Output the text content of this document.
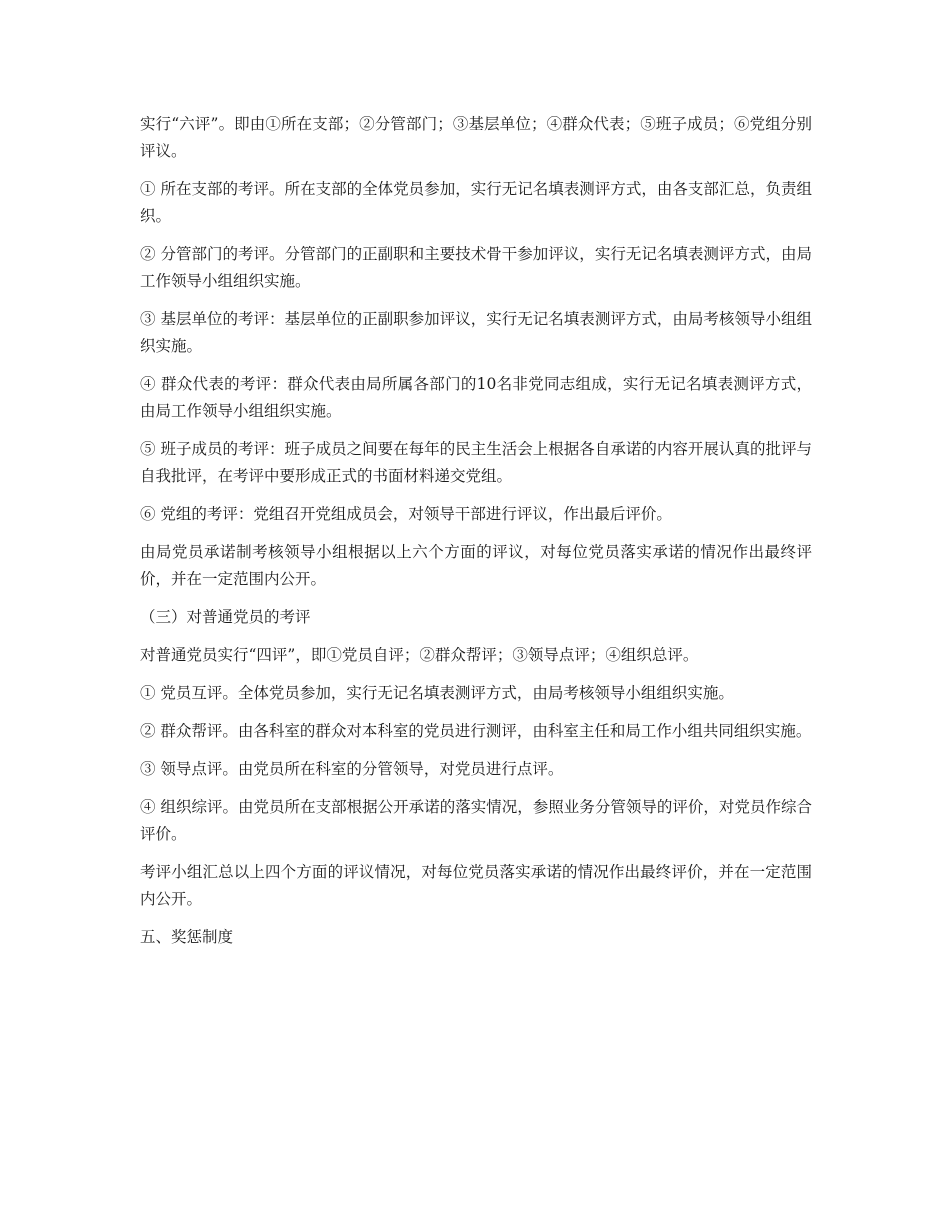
实行“六评”。即由①所在支部；②分管部门；③基层单位；④群众代表；⑤班子成员；⑥党组分别评议。

① 所在支部的考评。所在支部的全体党员参加，实行无记名填表测评方式，由各支部汇总，负责组织。

② 分管部门的考评。分管部门的正副职和主要技术骨干参加评议，实行无记名填表测评方式，由局工作领导小组组织实施。

③ 基层单位的考评：基层单位的正副职参加评议，实行无记名填表测评方式，由局考核领导小组组织实施。

④ 群众代表的考评：群众代表由局所属各部门的10名非党同志组成，实行无记名填表测评方式，由局工作领导小组组织实施。

⑤ 班子成员的考评：班子成员之间要在每年的民主生活会上根据各自承诺的内容开展认真的批评与自我批评，在考评中要形成正式的书面材料递交党组。

⑥ 党组的考评：党组召开党组成员会，对领导干部进行评议，作出最后评价。

由局党员承诺制考核领导小组根据以上六个方面的评议，对每位党员落实承诺的情况作出最终评价，并在一定范围内公开。

（三）对普通党员的考评

对普通党员实行“四评”，即①党员自评；②群众帮评；③领导点评；④组织总评。

① 党员互评。全体党员参加，实行无记名填表测评方式，由局考核领导小组组织实施。

② 群众帮评。由各科室的群众对本科室的党员进行测评，由科室主任和局工作小组共同组织实施。

③ 领导点评。由党员所在科室的分管领导，对党员进行点评。

④ 组织综评。由党员所在支部根据公开承诺的落实情况，参照业务分管领导的评价，对党员作综合评价。

考评小组汇总以上四个方面的评议情况，对每位党员落实承诺的情况作出最终评价，并在一定范围内公开。

五、奖惩制度
